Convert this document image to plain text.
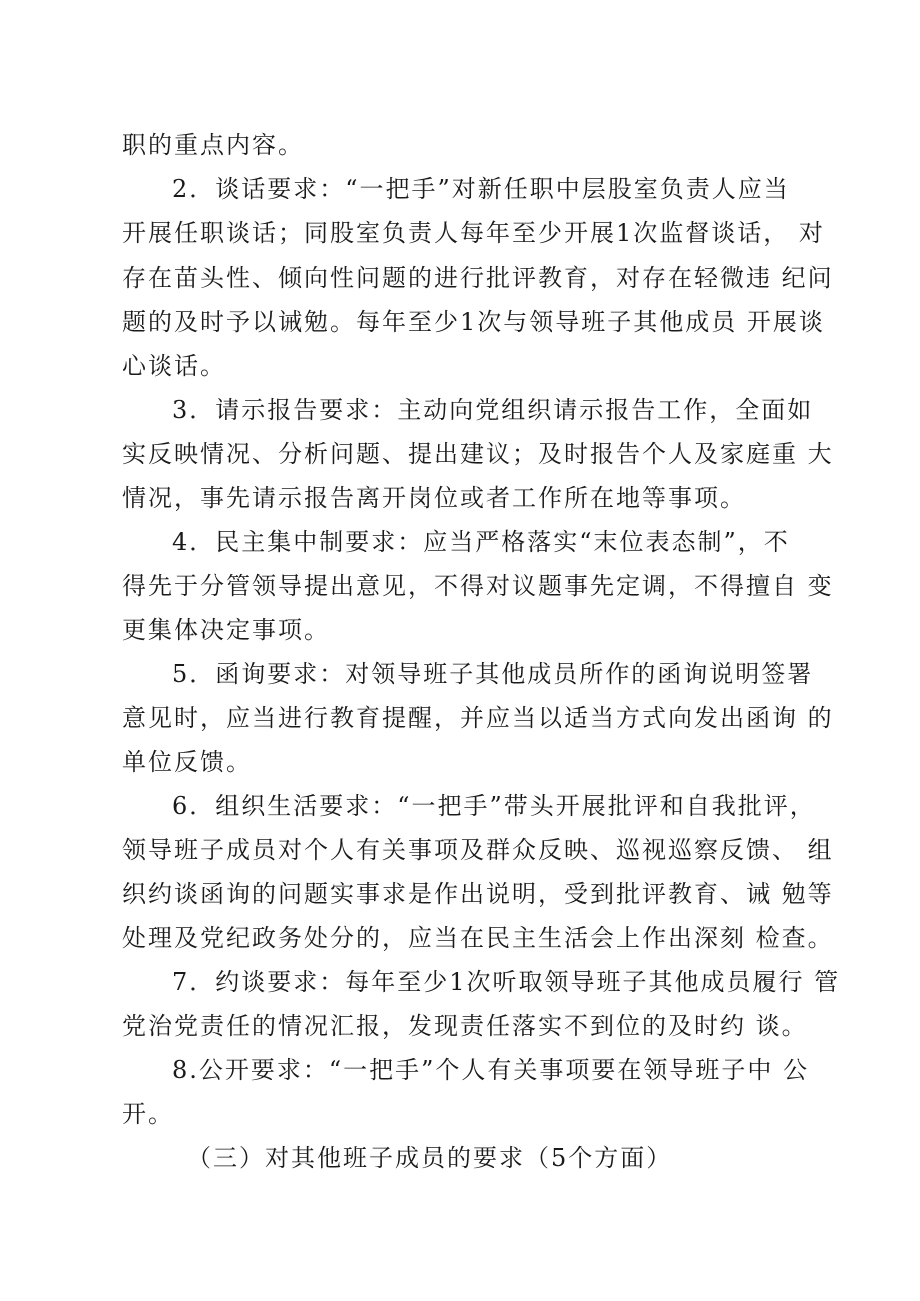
职的重点内容。
2．谈话要求：“一把手”对新任职中层股室负责人应当
开展任职谈话；同股室负责人每年至少开展1次监督谈话， 对
存在苗头性、倾向性问题的进行批评教育，对存在轻微违 纪问
题的及时予以诫勉。每年至少1次与领导班子其他成员 开展谈
心谈话。
3．请示报告要求：主动向党组织请示报告工作，全面如
实反映情况、分析问题、提出建议；及时报告个人及家庭重 大
情况，事先请示报告离开岗位或者工作所在地等事项。
4．民主集中制要求：应当严格落实“末位表态制”，不
得先于分管领导提出意见，不得对议题事先定调，不得擅自 变
更集体决定事项。
5．函询要求：对领导班子其他成员所作的函询说明签署
意见时，应当进行教育提醒，并应当以适当方式向发出函询 的
单位反馈。
6．组织生活要求：“一把手”带头开展批评和自我批评，
领导班子成员对个人有关事项及群众反映、巡视巡察反馈、 组
织约谈函询的问题实事求是作出说明，受到批评教育、诫 勉等
处理及党纪政务处分的，应当在民主生活会上作出深刻 检查。
7．约谈要求：每年至少1次听取领导班子其他成员履行 管
党治党责任的情况汇报，发现责任落实不到位的及时约 谈。
8.公开要求：“一把手”个人有关事项要在领导班子中 公
开。
（三）对其他班子成员的要求（5个方面）
